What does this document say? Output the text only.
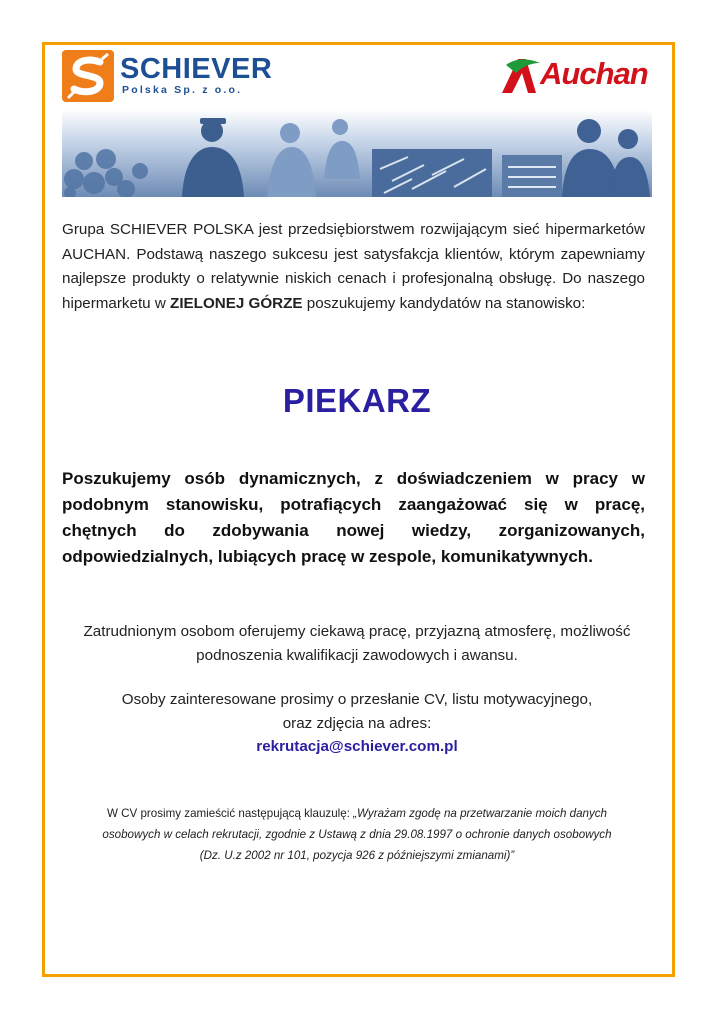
SCHIEVER
Polska Sp. z o.o.	Auchan

Grupa SCHIEVER POLSKA jest przedsiębiorstwem rozwijającym sieć hipermarketów AUCHAN. Podstawą naszego sukcesu jest satysfakcja klientów, którym zapewniamy najlepsze produkty o relatywnie niskich cenach i profesjonalną obsługę. Do naszego hipermarketu w ZIELONEJ GÓRZE poszukujemy kandydatów na stanowisko:

PIEKARZ

Poszukujemy osób dynamicznych, z doświadczeniem w pracy w podobnym stanowisku, potrafiących zaangażować się w pracę, chętnych do zdobywania nowej wiedzy, zorganizowanych, odpowiedzialnych, lubiących pracę w zespole, komunikatywnych.

Zatrudnionym osobom oferujemy ciekawą pracę, przyjazną atmosferę, możliwość
podnoszenia kwalifikacji zawodowych i awansu.

Osoby zainteresowane prosimy o przesłanie CV, listu motywacyjnego,
oraz zdjęcia na adres:

rekrutacja@schiever.com.pl

W CV prosimy zamieścić następującą klauzulę: „Wyrażam zgodę na przetwarzanie moich danych
osobowych w celach rekrutacji, zgodnie z Ustawą z dnia 29.08.1997 o ochronie danych osobowych
(Dz. U.z 2002 nr 101, pozycja 926 z późniejszymi zmianami)”
